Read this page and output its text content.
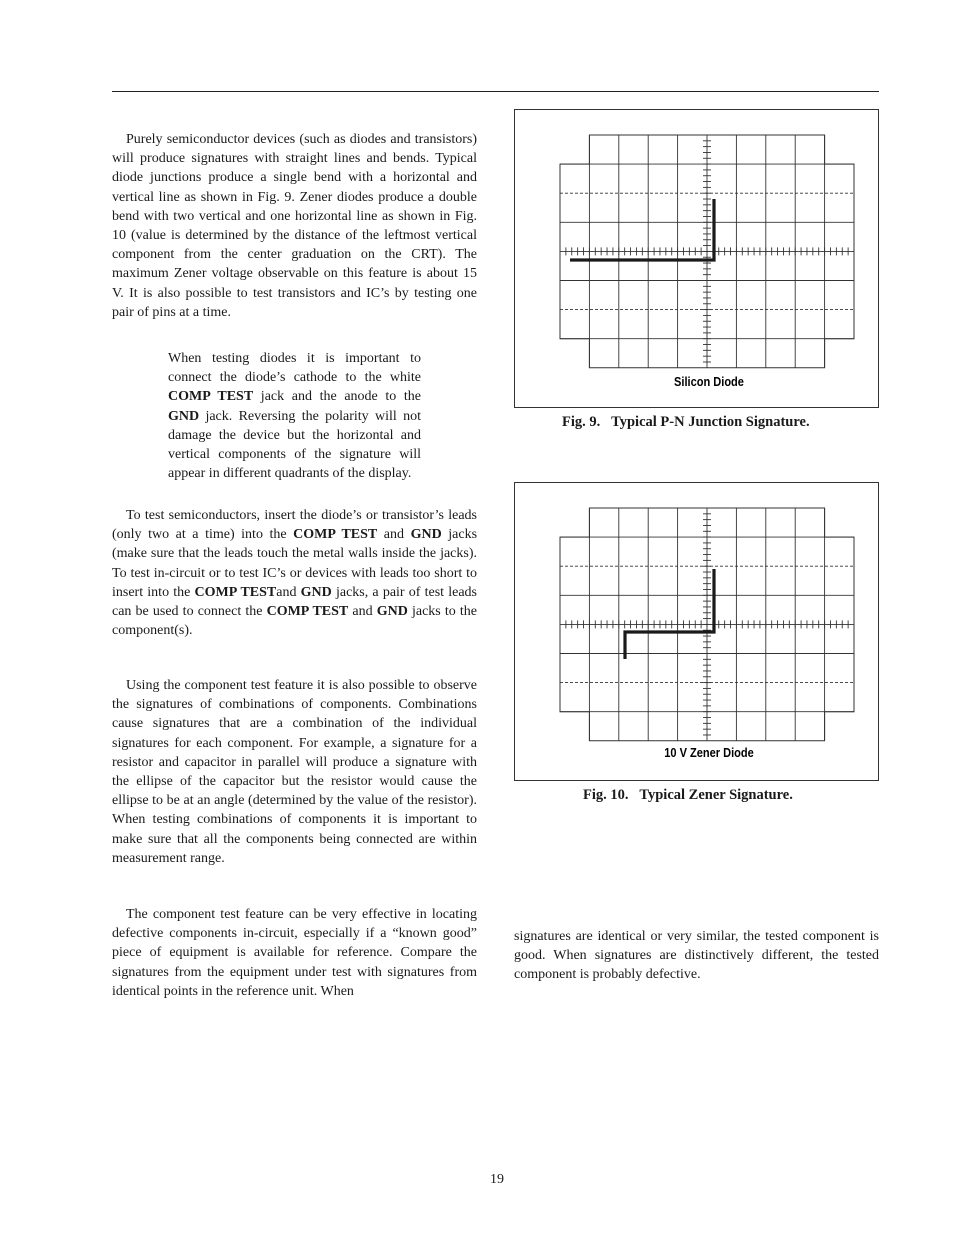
Purely semiconductor devices (such as diodes and transistors) will produce signatures with straight lines and bends. Typical diode junctions produce a single bend with a horizontal and vertical line as shown in Fig. 9. Zener diodes produce a double bend with two vertical and one horizontal line as shown in Fig. 10 (value is determined by the distance of the leftmost vertical component from the center graduation on the CRT). The maximum Zener voltage observable on this feature is about 15 V. It is also possible to test transistors and IC’s by testing one pair of pins at a time.

When testing diodes it is important to connect the diode’s cathode to the white COMP TEST jack and the anode to the GND jack. Reversing the polarity will not damage the device but the horizontal and vertical components of the signature will appear in different quadrants of the display.

To test semiconductors, insert the diode’s or transistor’s leads (only two at a time) into the COMP TEST and GND jacks (make sure that the leads touch the metal walls inside the jacks). To test in-circuit or to test IC’s or devices with leads too short to insert into the COMP TESTand GND jacks, a pair of test leads can be used to connect the COMP TEST and GND jacks to the component(s).

Using the component test feature it is also possible to observe the signatures of combinations of components. Combinations cause signatures that are a combination of the individual signatures for each component. For example, a signature for a resistor and capacitor in parallel will produce a signature with the ellipse of the capacitor but the resistor would cause the ellipse to be at an angle (determined by the value of the resistor). When testing combinations of components it is important to make sure that all the components being connected are within measurement range.

The component test feature can be very effective in locating defective components in-circuit, especially if a “known good” piece of equipment is available for reference. Compare the signatures from the equipment under test with signatures from identical points in the reference unit. When

Silicon Diode
Fig. 9. Typical P-N Junction Signature.
10 V Zener Diode
Fig. 10. Typical Zener Signature.

signatures are identical or very similar, the tested component is good. When signatures are distinctively different, the tested component is probably defective.

19
